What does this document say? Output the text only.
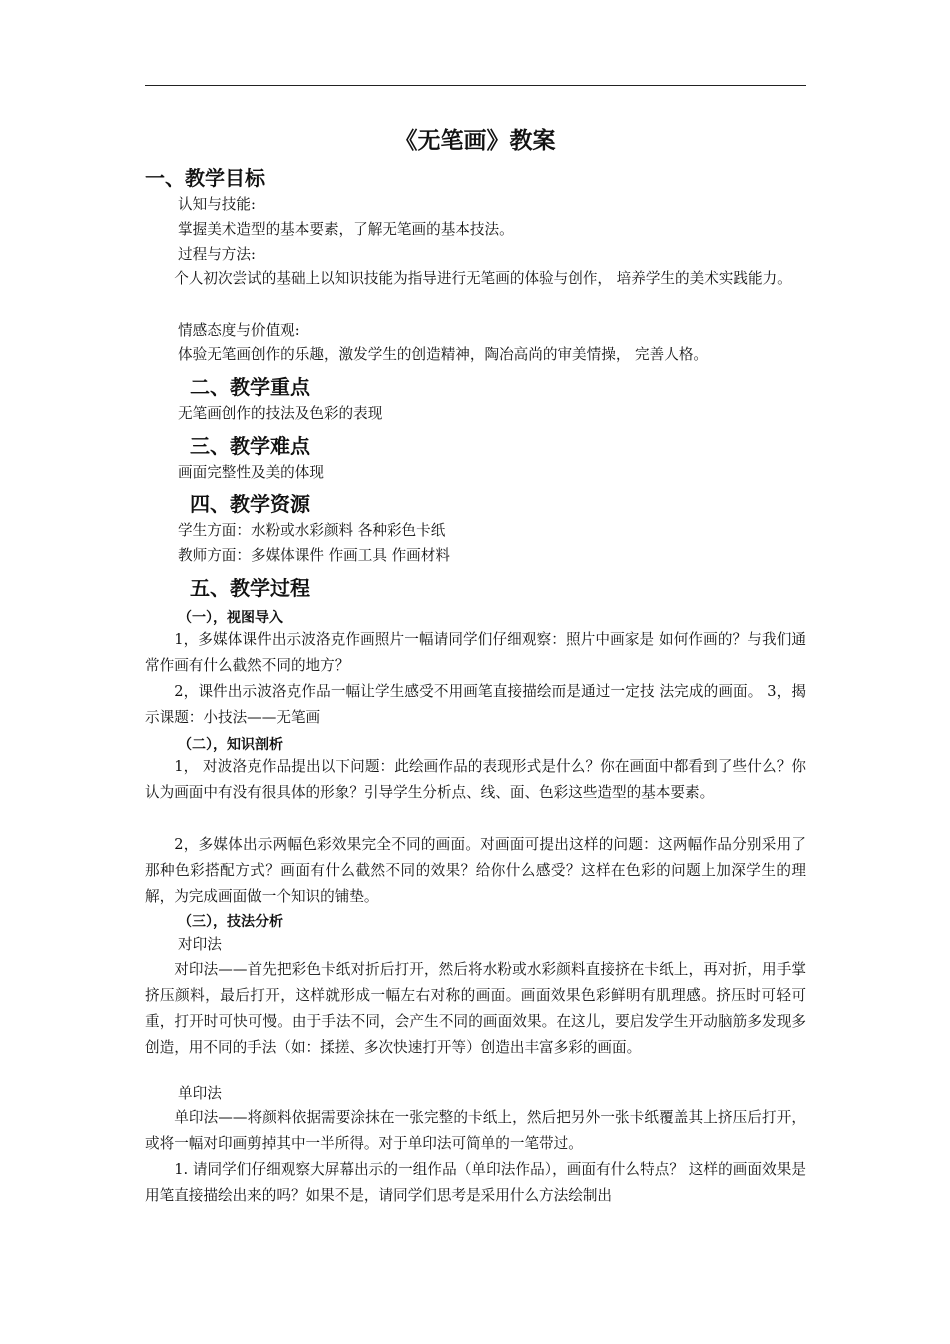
《无笔画》教案
一、教学目标
认知与技能:
掌握美术造型的基本要素，了解无笔画的基本技法。
过程与方法:

个人初次尝试的基础上以知识技能为指导进行无笔画的体验与创作， 培养学生的美术实践能力。

情感态度与价值观:
体验无笔画创作的乐趣，激发学生的创造精神，陶冶高尚的审美情操， 完善人格。
二、教学重点
无笔画创作的技法及色彩的表现
三、教学难点
画面完整性及美的体现
四、教学资源
学生方面：水粉或水彩颜料 各种彩色卡纸
教师方面：多媒体课件 作画工具 作画材料
五、教学过程
（一），视图导入

1，多媒体课件出示波洛克作画照片一幅请同学们仔细观察：照片中画家是 如何作画的？与我们通常作画有什么截然不同的地方？

2，课件出示波洛克作品一幅让学生感受不用画笔直接描绘而是通过一定技 法完成的画面。 3，揭示课题：小技法——无笔画

（二），知识剖析

1， 对波洛克作品提出以下问题：此绘画作品的表现形式是什么？你在画面中都看到了些什么？你认为画面中有没有很具体的形象？引导学生分析点、线、面、色彩这些造型的基本要素。

2，多媒体出示两幅色彩效果完全不同的画面。对画面可提出这样的问题：这两幅作品分别采用了那种色彩搭配方式？画面有什么截然不同的效果？给你什么感受？这样在色彩的问题上加深学生的理解，为完成画面做一个知识的铺垫。

（三），技法分析
对印法

对印法——首先把彩色卡纸对折后打开，然后将水粉或水彩颜料直接挤在卡纸上，再对折，用手掌挤压颜料，最后打开，这样就形成一幅左右对称的画面。画面效果色彩鲜明有肌理感。挤压时可轻可重，打开时可快可慢。由于手法不同，会产生不同的画面效果。在这儿，要启发学生开动脑筋多发现多创造，用不同的手法（如：揉搓、多次快速打开等）创造出丰富多彩的画面。

单印法

单印法——将颜料依据需要涂抹在一张完整的卡纸上，然后把另外一张卡纸覆盖其上挤压后打开，或将一幅对印画剪掉其中一半所得。对于单印法可简单的一笔带过。

1. 请同学们仔细观察大屏幕出示的一组作品（单印法作品），画面有什么特点？ 这样的画面效果是用笔直接描绘出来的吗？如果不是，请同学们思考是采用什么方法绘制出
